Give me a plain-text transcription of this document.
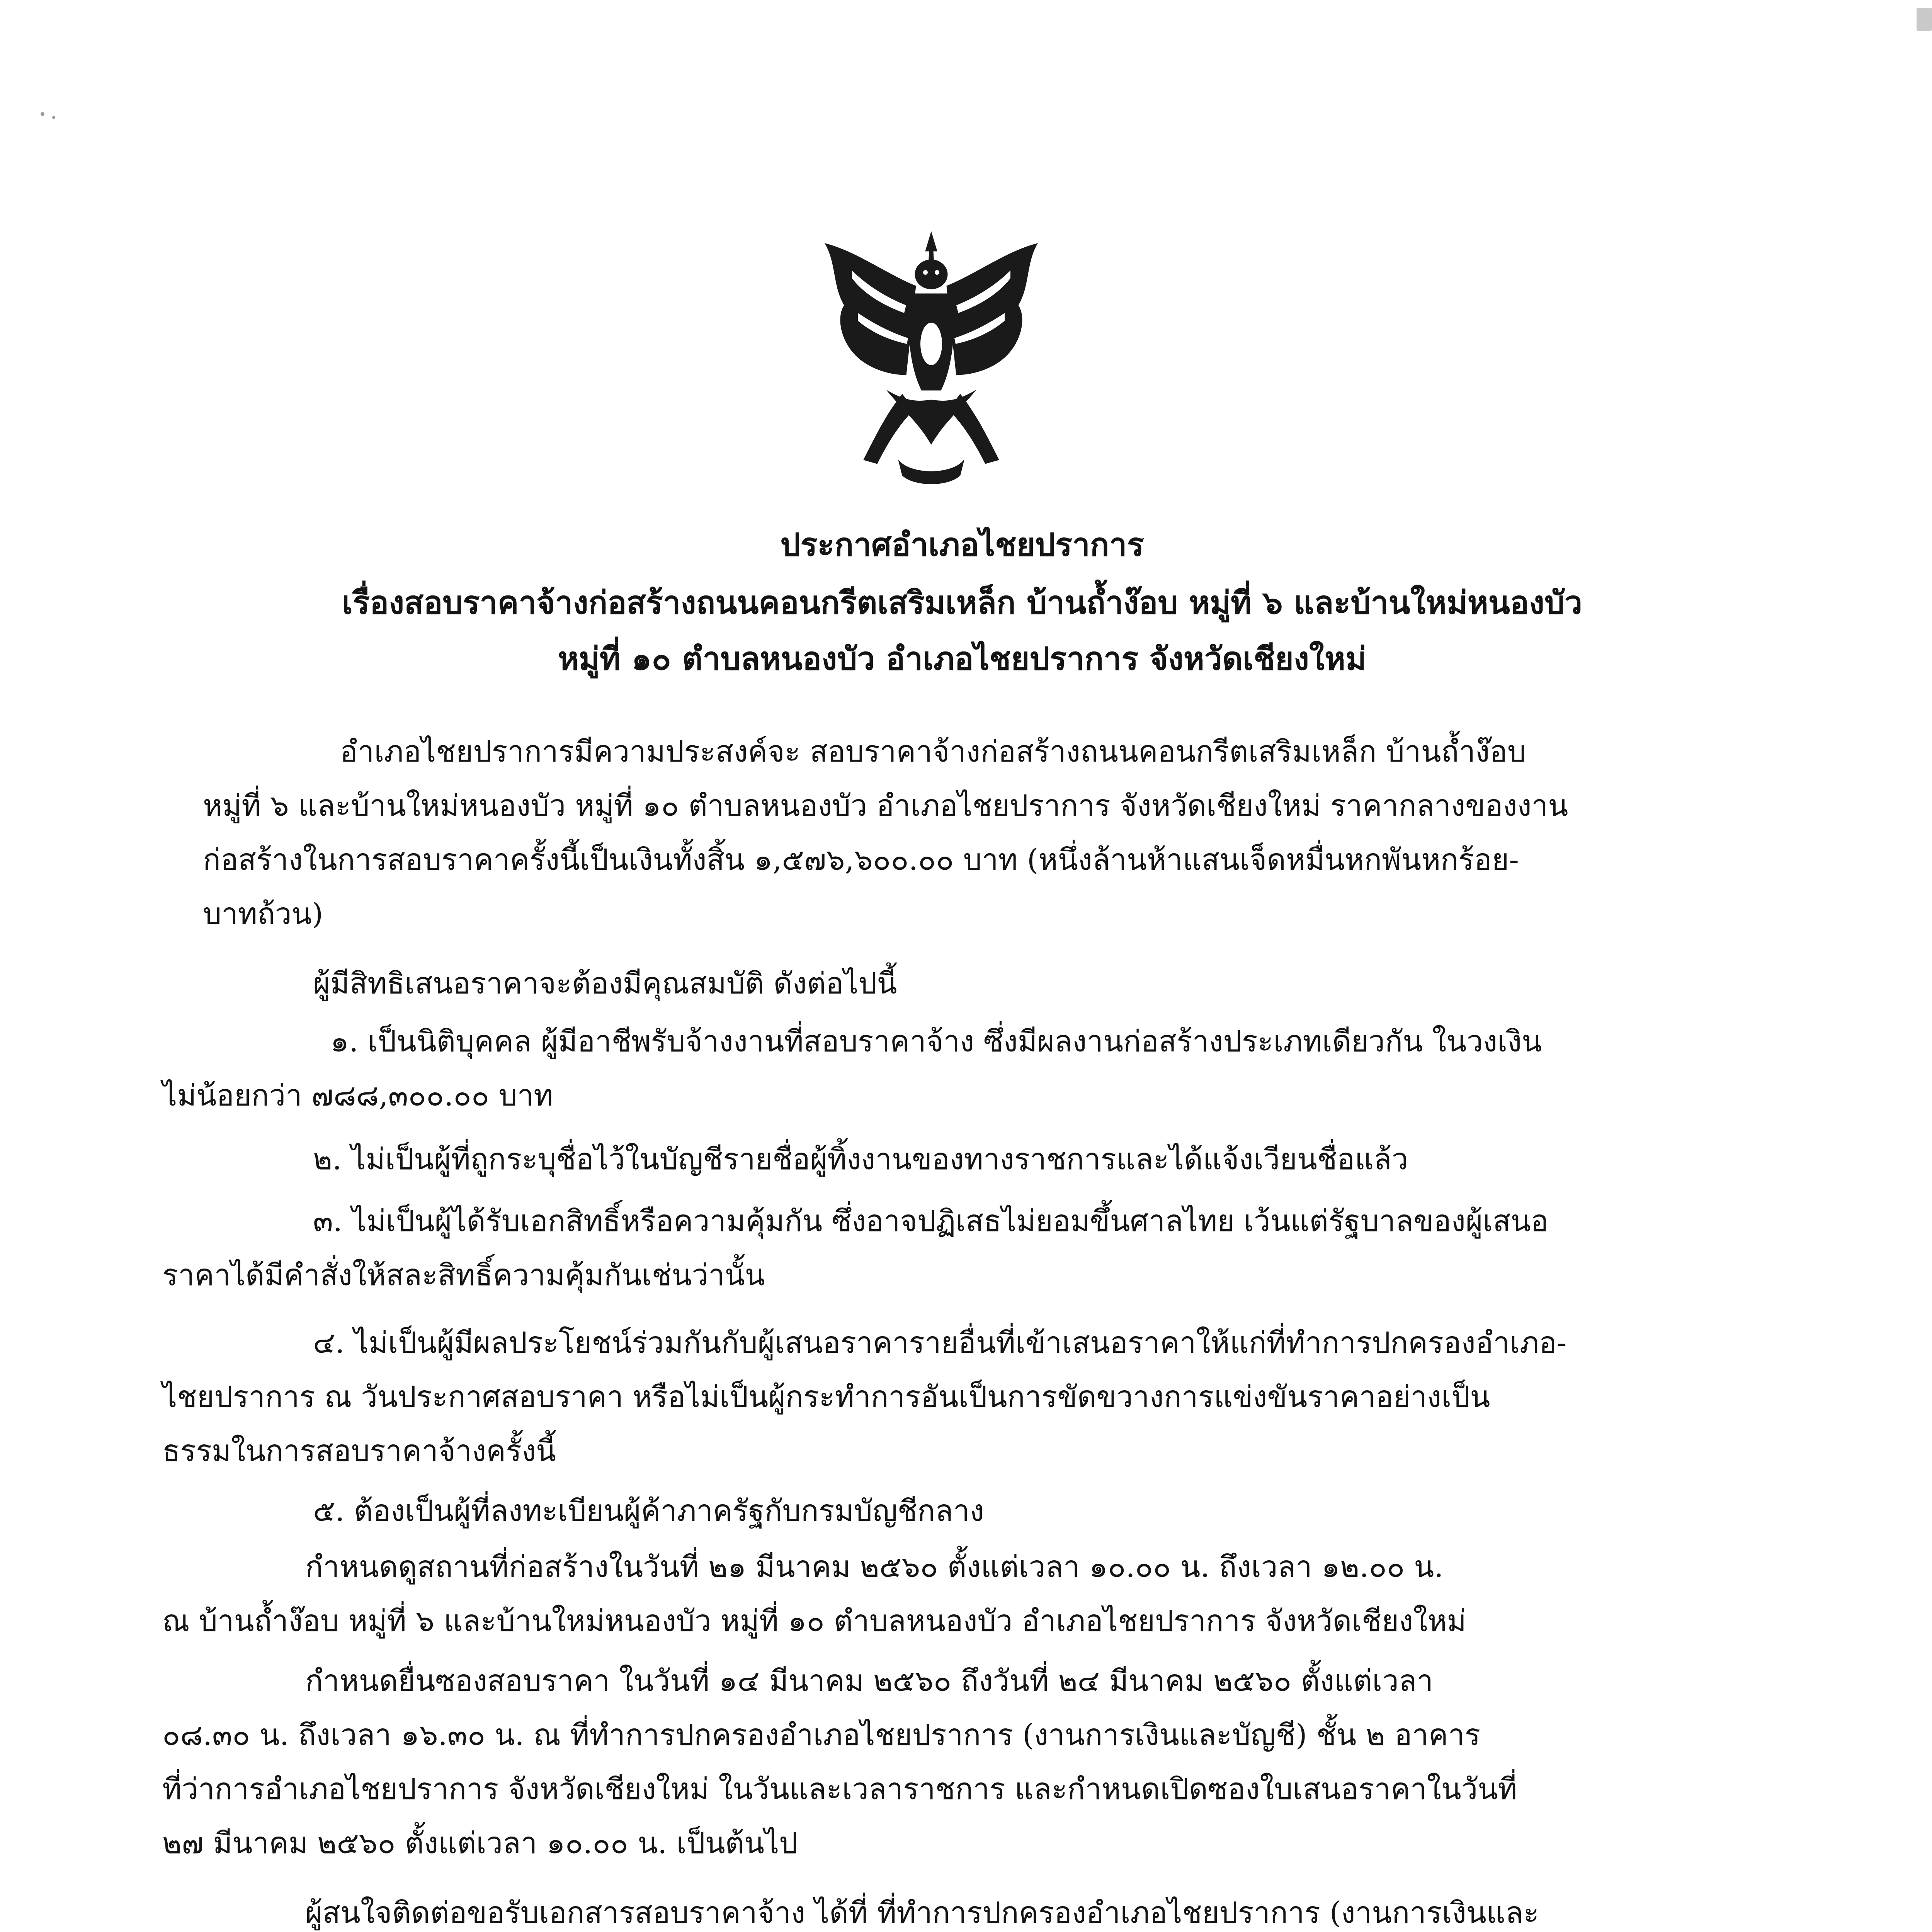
ประกาศอำเภอไชยปราการ
เรื่องสอบราคาจ้างก่อสร้างถนนคอนกรีตเสริมเหล็ก บ้านถ้ำง๊อบ หมู่ที่ ๖ และบ้านใหม่หนองบัว
หมู่ที่ ๑๐ ตำบลหนองบัว อำเภอไชยปราการ จังหวัดเชียงใหม่
อำเภอไชยปราการมีความประสงค์จะ สอบราคาจ้างก่อสร้างถนนคอนกรีตเสริมเหล็ก บ้านถ้ำง๊อบ
หมู่ที่ ๖ และบ้านใหม่หนองบัว หมู่ที่ ๑๐ ตำบลหนองบัว อำเภอไชยปราการ จังหวัดเชียงใหม่ ราคากลางของงาน
ก่อสร้างในการสอบราคาครั้งนี้เป็นเงินทั้งสิ้น ๑,๕๗๖,๖๐๐.๐๐ บาท (หนึ่งล้านห้าแสนเจ็ดหมื่นหกพันหกร้อย-
บาทถ้วน)
ผู้มีสิทธิเสนอราคาจะต้องมีคุณสมบัติ ดังต่อไปนี้
๑. เป็นนิติบุคคล ผู้มีอาชีพรับจ้างงานที่สอบราคาจ้าง ซึ่งมีผลงานก่อสร้างประเภทเดียวกัน ในวงเงิน
ไม่น้อยกว่า ๗๘๘,๓๐๐.๐๐ บาท
๒. ไม่เป็นผู้ที่ถูกระบุชื่อไว้ในบัญชีรายชื่อผู้ทิ้งงานของทางราชการและได้แจ้งเวียนชื่อแล้ว
๓. ไม่เป็นผู้ได้รับเอกสิทธิ์หรือความคุ้มกัน ซึ่งอาจปฏิเสธไม่ยอมขึ้นศาลไทย เว้นแต่รัฐบาลของผู้เสนอ
ราคาได้มีคำสั่งให้สละสิทธิ์ความคุ้มกันเช่นว่านั้น
๔. ไม่เป็นผู้มีผลประโยชน์ร่วมกันกับผู้เสนอราคารายอื่นที่เข้าเสนอราคาให้แก่ที่ทำการปกครองอำเภอ-
ไชยปราการ ณ วันประกาศสอบราคา หรือไม่เป็นผู้กระทำการอันเป็นการขัดขวางการแข่งขันราคาอย่างเป็น
ธรรมในการสอบราคาจ้างครั้งนี้
๕. ต้องเป็นผู้ที่ลงทะเบียนผู้ค้าภาครัฐกับกรมบัญชีกลาง
กำหนดดูสถานที่ก่อสร้างในวันที่ ๒๑ มีนาคม ๒๕๖๐ ตั้งแต่เวลา ๑๐.๐๐ น. ถึงเวลา ๑๒.๐๐ น.
ณ บ้านถ้ำง๊อบ หมู่ที่ ๖ และบ้านใหม่หนองบัว หมู่ที่ ๑๐ ตำบลหนองบัว อำเภอไชยปราการ จังหวัดเชียงใหม่
กำหนดยื่นซองสอบราคา ในวันที่ ๑๔ มีนาคม ๒๕๖๐ ถึงวันที่ ๒๔ มีนาคม ๒๕๖๐ ตั้งแต่เวลา
๐๘.๓๐ น. ถึงเวลา ๑๖.๓๐ น. ณ ที่ทำการปกครองอำเภอไชยปราการ (งานการเงินและบัญชี) ชั้น ๒ อาคาร
ที่ว่าการอำเภอไชยปราการ จังหวัดเชียงใหม่ ในวันและเวลาราชการ และกำหนดเปิดซองใบเสนอราคาในวันที่
๒๗ มีนาคม ๒๕๖๐ ตั้งแต่เวลา ๑๐.๐๐ น. เป็นต้นไป
ผู้สนใจติดต่อขอรับเอกสารสอบราคาจ้าง ได้ที่ ที่ทำการปกครองอำเภอไชยปราการ (งานการเงินและ
